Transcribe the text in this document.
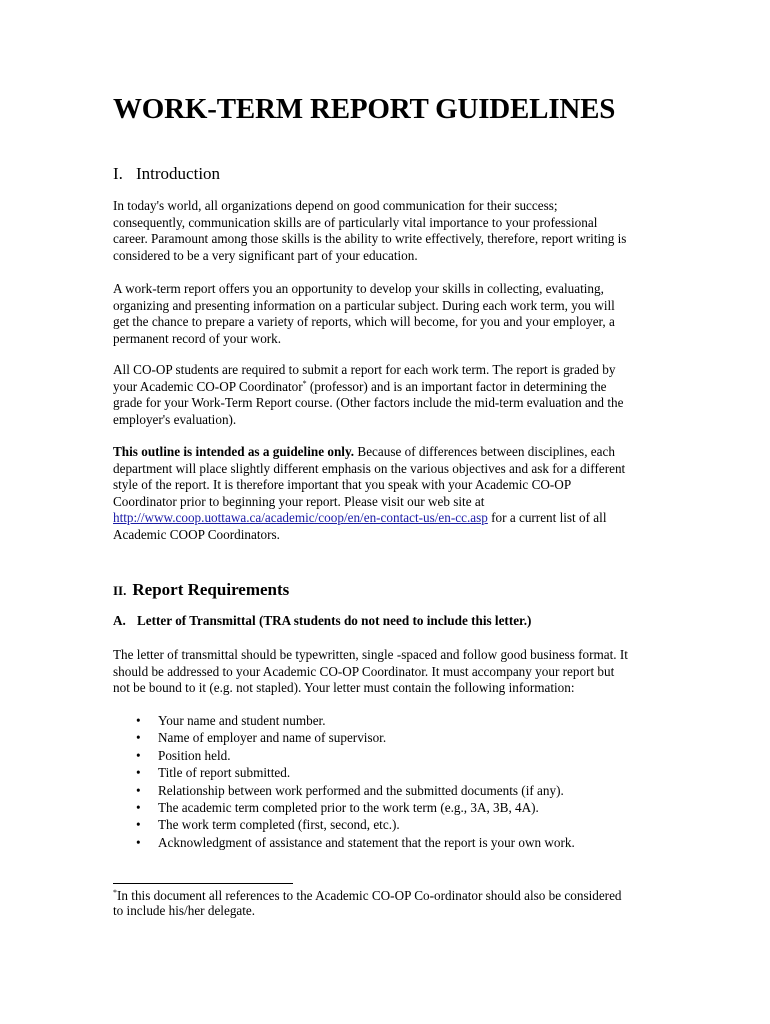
WORK-TERM REPORT GUIDELINES
I. Introduction

In today's world, all organizations depend on good communication for their success;
consequently, communication skills are of particularly vital importance to your professional
career. Paramount among those skills is the ability to write effectively, therefore, report writing is
considered to be a very significant part of your education.

A work-term report offers you an opportunity to develop your skills in collecting, evaluating,
organizing and presenting information on a particular subject. During each work term, you will
get the chance to prepare a variety of reports, which will become, for you and your employer, a
permanent record of your work.

All CO-OP students are required to submit a report for each work term. The report is graded by
your Academic CO-OP Coordinator* (professor) and is an important factor in determining the
grade for your Work-Term Report course. (Other factors include the mid-term evaluation and the
employer's evaluation).

This outline is intended as a guideline only. Because of differences between disciplines, each
department will place slightly different emphasis on the various objectives and ask for a different
style of the report. It is therefore important that you speak with your Academic CO-OP
Coordinator prior to beginning your report. Please visit our web site at
http://www.coop.uottawa.ca/academic/coop/en/en-contact-us/en-cc.asp for a current list of all
Academic COOP Coordinators.

II. Report Requirements
A. Letter of Transmittal (TRA students do not need to include this letter.)

The letter of transmittal should be typewritten, single -spaced and follow good business format. It
should be addressed to your Academic CO-OP Coordinator. It must accompany your report but
not be bound to it (e.g. not stapled). Your letter must contain the following information:

• Your name and student number.
• Name of employer and name of supervisor.
• Position held.
• Title of report submitted.
• Relationship between work performed and the submitted documents (if any).
• The academic term completed prior to the work term (e.g., 3A, 3B, 4A).
• The work term completed (first, second, etc.).
• Acknowledgment of assistance and statement that the report is your own work.

*In this document all references to the Academic CO-OP Co-ordinator should also be considered
to include his/her delegate.
